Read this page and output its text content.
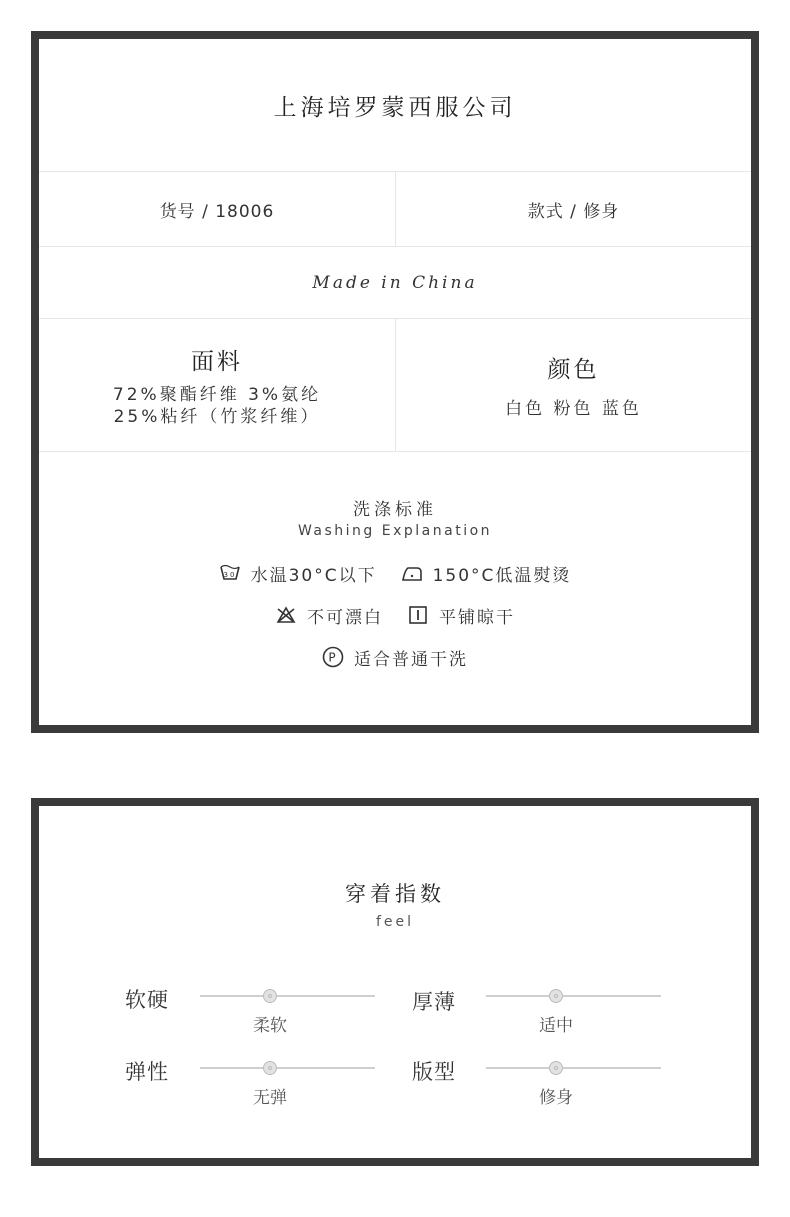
上海培罗蒙西服公司
货号 / 18006	款式 / 修身
Made in China
面料
72%聚酯纤维 3%氨纶
25%粘纤（竹浆纤维）
颜色
白色 粉色 蓝色
洗涤标准
Washing Explanation
30 水温30°C以下	150°C低温熨烫
不可漂白	平铺晾干
P 适合普通干洗
穿着指数
feel
软硬
柔软
厚薄
适中
弹性
无弹
版型
修身
